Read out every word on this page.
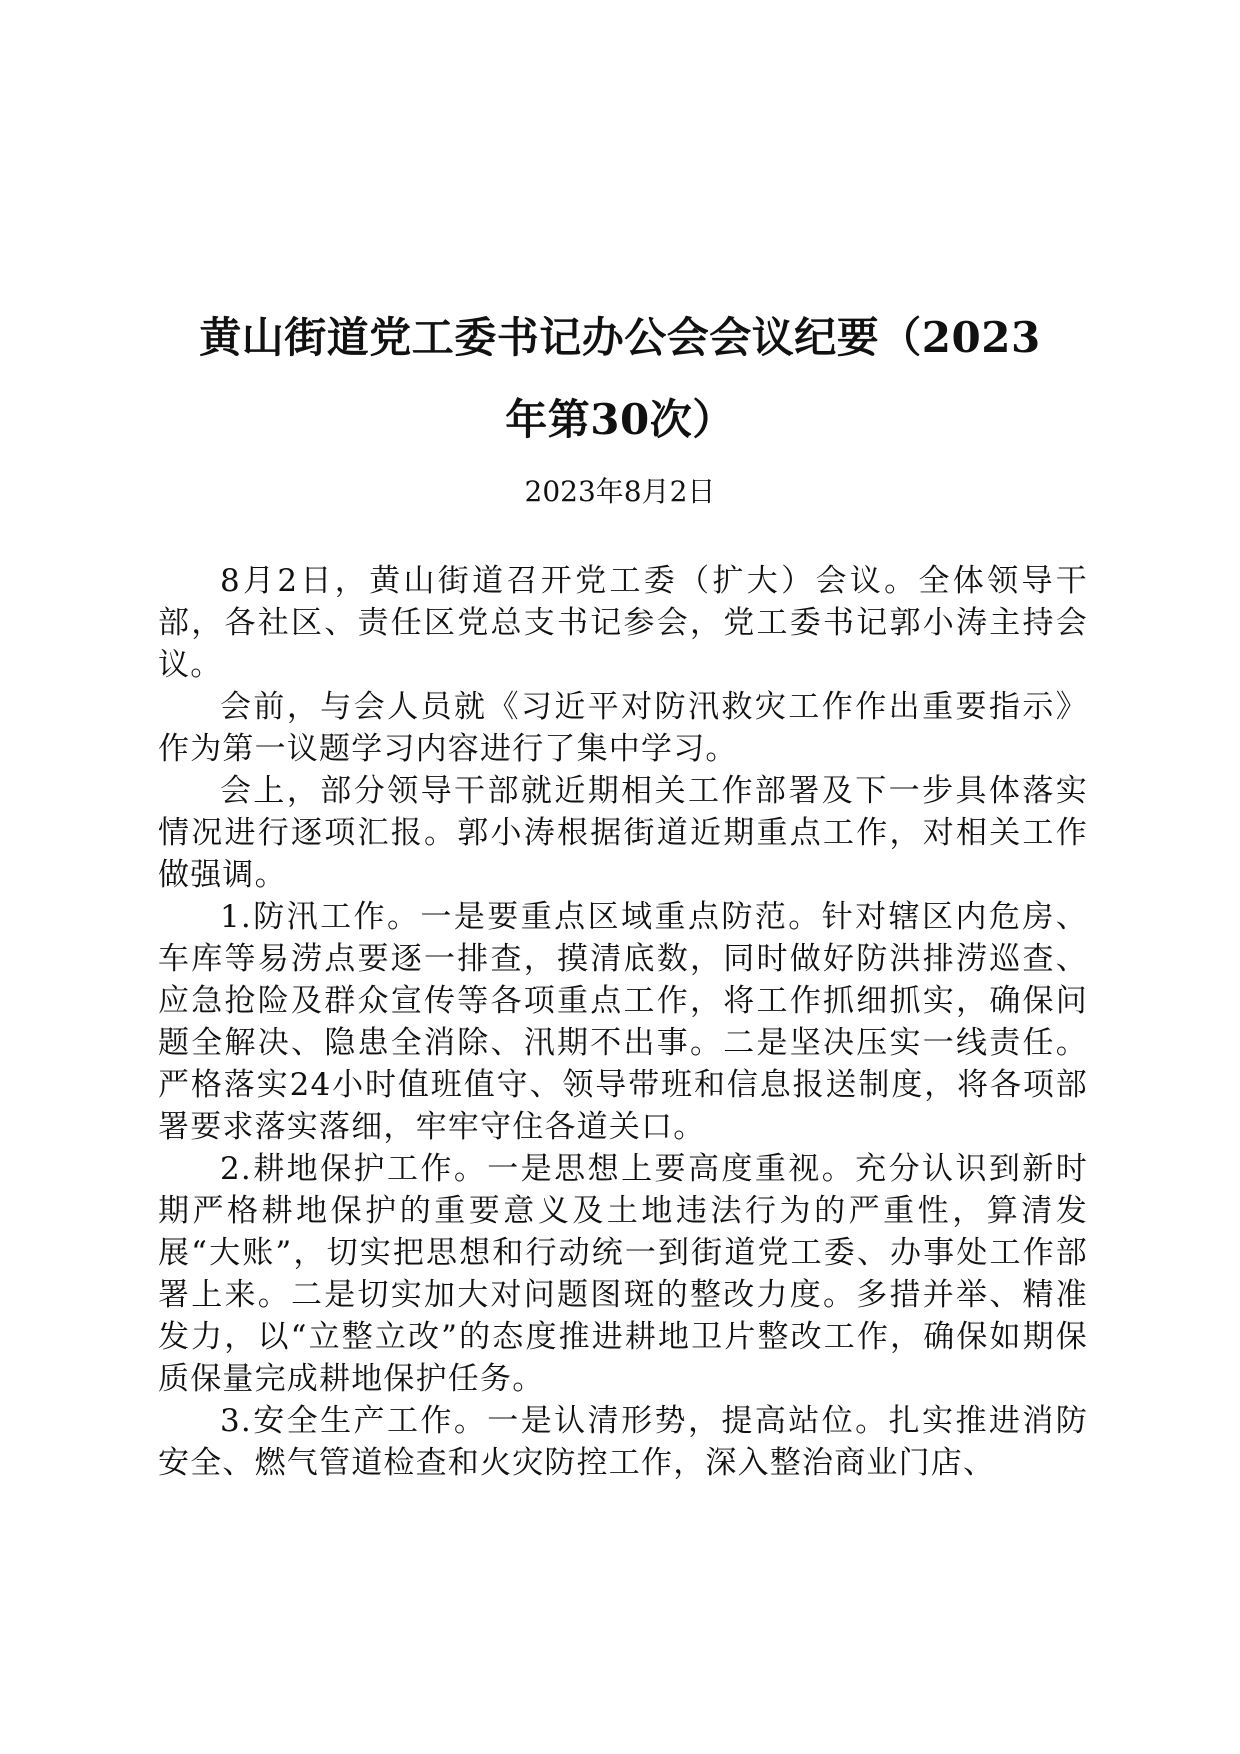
黄山街道党工委书记办公会会议纪要（2023
年第30次）
2023年8月2日

8月2日，黄山街道召开党工委（扩大）会议。全体领导干部，各社区、责任区党总支书记参会，党工委书记郭小涛主持会议。

会前，与会人员就《习近平对防汛救灾工作作出重要指示》作为第一议题学习内容进行了集中学习。

会上，部分领导干部就近期相关工作部署及下一步具体落实情况进行逐项汇报。郭小涛根据街道近期重点工作，对相关工作做强调。

1.防汛工作。一是要重点区域重点防范。针对辖区内危房、车库等易涝点要逐一排查，摸清底数，同时做好防洪排涝巡查、应急抢险及群众宣传等各项重点工作，将工作抓细抓实，确保问题全解决、隐患全消除、汛期不出事。二是坚决压实一线责任。严格落实24小时值班值守、领导带班和信息报送制度，将各项部署要求落实落细，牢牢守住各道关口。

2.耕地保护工作。一是思想上要高度重视。充分认识到新时期严格耕地保护的重要意义及土地违法行为的严重性，算清发展“大账”，切实把思想和行动统一到街道党工委、办事处工作部署上来。二是切实加大对问题图斑的整改力度。多措并举、精准发力，以“立整立改”的态度推进耕地卫片整改工作，确保如期保质保量完成耕地保护任务。

3.安全生产工作。一是认清形势，提高站位。扎实推进消防安全、燃气管道检查和火灾防控工作，深入整治商业门店、
